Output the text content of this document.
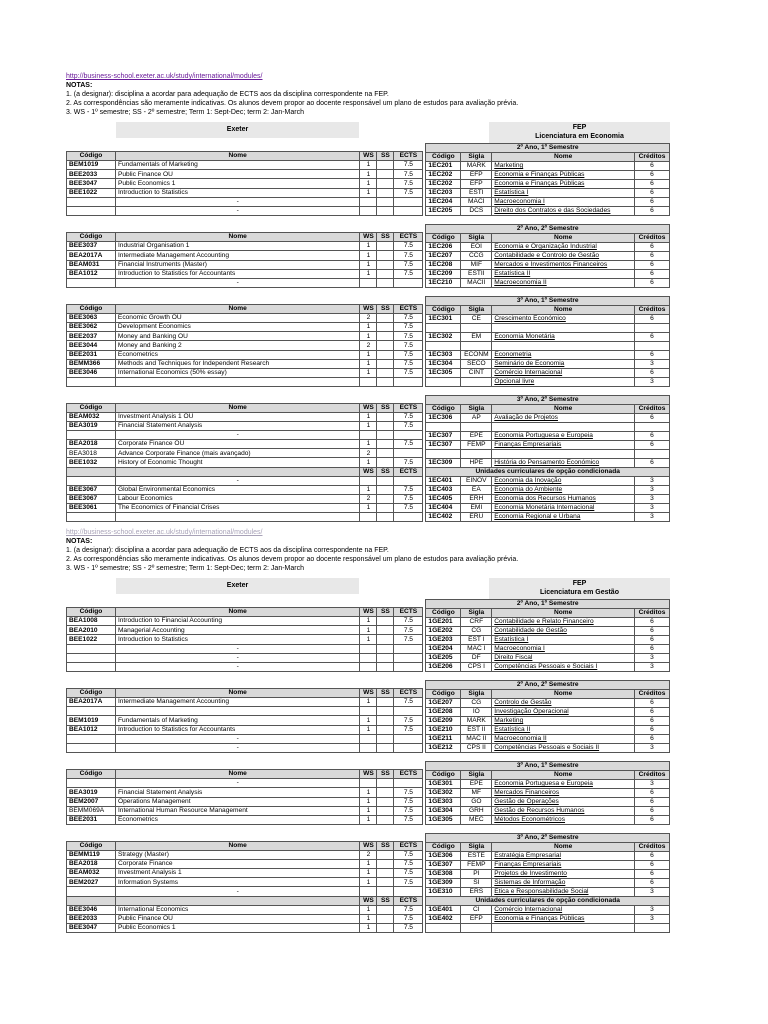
http://business-school.exeter.ac.uk/study/international/modules/
NOTAS:
1. (a designar): disciplina a acordar para adequação de ECTS aos da disciplina correspondente na FEP.
2. As correspondências são meramente indicativas. Os alunos devem propor ao docente responsável um plano de estudos para avaliação prévia.
3. WS - 1º semestre; SS - 2º semestre; Term 1: Sept-Dec; term 2: Jan-March
Exeter	FEP
Licenciatura em Economia

Código	Nome	WS	SS	ECTS
BEM1019	Fundamentals of Marketing	1		7.5
BEE2033	Public Finance OU	1		7.5
BEE3047	Public Economics 1	1		7.5
BEE1022	Introduction to Statistics	1		7.5
	-			
	-			
2º Ano, 1º Semestre			
Código	Sigla	Nome	Créditos
1EC201	MARK	Marketing	6
1EC202	EFP	Economia e Finanças Públicas	6
1EC202	EFP	Economia e Finanças Públicas	6
1EC203	ESTI	Estatística I	6
1EC204	MACI	Macroeconomia I	6
1EC205	DCS	Direito dos Contratos e das Sociedades	6

Código	Nome	WS	SS	ECTS
BEE3037	Industrial Organisation 1	1		7.5
BEA2017A	Intermediate Management Accounting	1		7.5
BEAM031	Financial Instruments (Master)	1		7.5
BEA1012	Introduction to Statistics for Accountants	1		7.5
	-			
2º Ano, 2º Semestre			
Código	Sigla	Nome	Créditos
1EC206	EOI	Economia e Organização Industrial	6
1EC207	CCG	Contabilidade e Controlo de Gestão	6
1EC208	MIF	Mercados e Investimentos Financeiros	6
1EC209	ESTII	Estatística II	6
1EC210	MACII	Macroeconomia II	6

Código	Nome	WS	SS	ECTS
BEE3063	Economic Growth OU	2		7.5
BEE3062	Development Economics	1		7.5
BEE2037	Money and Banking OU	1		7.5
BEE3044	Money and Banking 2	2		7.5
BEE2031	Econometrics	1		7.5
BEMM366	Methods and Techniques for Independent Research	1		7.5
BEE3046	International Economics (50% essay)	1		7.5

3º Ano, 1º Semestre			
Código	Sigla	Nome	Créditos
1EC301	CE	Crescimento Económico	6

1EC302	EM	Economia Monetária	6

1EC303	ECONM	Econometria	6
1EC304	SECO	Seminário de Economia	3
1EC305	CINT	Comércio Internacional	6
		Opcional livre	3

Código	Nome	WS	SS	ECTS
BEAM032	Investment Analysis 1 OU	1		7.5
BEA3019	Financial Statement Analysis	1		7.5
	-			
BEA2018	Corporate Finance OU	1		7.5
BEA3018	Advance Corporate Finance (mais avançado)	2		
BEE1032	History of Economic Thought	1		7.5
		WS	SS	ECTS
	-			
BEE3067	Global Environmental Economics	1		7.5
BEE3067	Labour Economics	2		7.5
BEE3061	The Economics of Financial Crises	1		7.5

3º Ano, 2º Semestre			
Código	Sigla	Nome	Créditos
1EC306	AP	Avaliação de Projetos	6

1EC307	EPE	Economia Portuguesa e Europeia	6
1EC307	FEMP	Finanças Empresariais	6

1EC309	HPE	História do Pensamento Económico	6
Unidades curriculares de opção condicionada			
1EC401	EINOV	Economia da Inovação	3
1EC403	EA	Economia do Ambiente	3
1EC405	ERH	Economia dos Recursos Humanos	3
1EC404	EMI	Economia Monetária Internacional	3
1EC402	ERU	Economia Regional e Urbana	3
http://business-school.exeter.ac.uk/study/international/modules/
NOTAS:
1. (a designar): disciplina a acordar para adequação de ECTS aos da disciplina correspondente na FEP.
2. As correspondências são meramente indicativas. Os alunos devem propor ao docente responsável um plano de estudos para avaliação prévia.
3. WS - 1º semestre; SS - 2º semestre; Term 1: Sept-Dec; term 2: Jan-March
Exeter	FEP
Licenciatura em Gestão

Código	Nome	WS	SS	ECTS
BEA1008	Introduction to Financial Accounting	1		7.5
BEA2010	Managerial Accounting	1		7.5
BEE1022	Introduction to Statistics	1		7.5
	-			
	-			
	-			
2º Ano, 1º Semestre			
Código	Sigla	Nome	Créditos
1GE201	CRF	Contabilidade e Relato Financeiro	6
1GE202	CG	Contabilidade de Gestão	6
1GE203	EST I	Estatística I	6
1GE204	MAC I	Macroeconomia I	6
1GE205	DF	Direito Fiscal	3
1GE206	CPS I	Competências Pessoais e Sociais I	3

Código	Nome	WS	SS	ECTS
BEA2017A	Intermediate Management Accounting	1		7.5

BEM1019	Fundamentals of Marketing	1		7.5
BEA1012	Introduction to Statistics for Accountants	1		7.5
	-			
	-			
2º Ano, 2º Semestre			
Código	Sigla	Nome	Créditos
1GE207	CG	Controlo de Gestão	6
1GE208	IO	Investigação Operacional	6
1GE209	MARK	Marketing	6
1GE210	EST II	Estatística II	6
1GE211	MAC II	Macroeconomia II	6
1GE212	CPS II	Competências Pessoais e Sociais II	3

Código	Nome	WS	SS	ECTS
	-			
BEA3019	Financial Statement Analysis	1		7.5
BEM2007	Operations Management	1		7.5
BEMM069A	International Human Resource Management	1		7.5
BEE2031	Econometrics	1		7.5
3º Ano, 1º Semestre			
Código	Sigla	Nome	Créditos
1GE301	EPE	Economia Portuguesa e Europeia	3
1GE302	MF	Mercados Financeiros	6
1GE303	GO	Gestão de Operações	6
1GE304	GRH	Gestão de Recursos Humanos	6
1GE305	MEC	Métodos Econométricos	6

Código	Nome	WS	SS	ECTS
BEMM119	Strategy (Master)	2		7.5
BEA2018	Corporate Finance	1		7.5
BEAM032	Investment Analysis 1	1		7.5
BEM2027	Information Systems	1		7.5
	-			
		WS	SS	ECTS
BEE3046	International Economics	1		7.5
BEE2033	Public Finance OU	1		7.5
BEE3047	Public Economics 1	1		7.5
3º Ano, 2º Semestre			
Código	Sigla	Nome	Créditos
1GE306	ESTE	Estratégia Empresarial	6
1GE307	FEMP	Finanças Empresariais	6
1GE308	PI	Projetos de Investimento	6
1GE309	SI	Sistemas de Informação	6
1GE310	ERS	Ética e Responsabilidade Social	3
Unidades curriculares de opção condicionada			
1GE401	CI	Comércio Internacional	3
1GE402	EFP	Economia e Finanças Públicas	3
